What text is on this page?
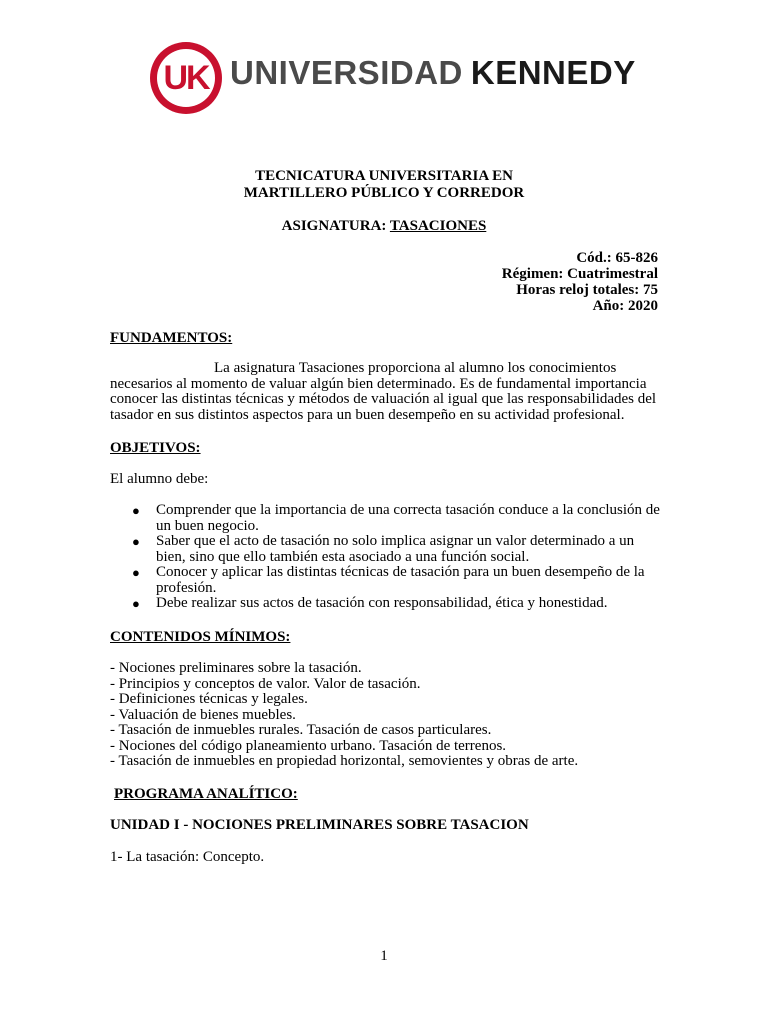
UK UNIVERSIDAD KENNEDY
TECNICATURA UNIVERSITARIA EN
MARTILLERO PÚBLICO Y CORREDOR
ASIGNATURA: TASACIONES
Cód.: 65-826
Régimen: Cuatrimestral
Horas reloj totales: 75
Año: 2020
FUNDAMENTOS:
La asignatura Tasaciones proporciona al alumno los conocimientos necesarios al momento de valuar algún bien determinado. Es de fundamental importancia conocer las distintas técnicas y métodos de valuación al igual que las responsabilidades del tasador en sus distintos aspectos para un buen desempeño en su actividad profesional.
OBJETIVOS:
El alumno debe:
● Comprender que la importancia de una correcta tasación conduce a la conclusión de un buen negocio.
● Saber que el acto de tasación no solo implica asignar un valor determinado a un bien, sino que ello también esta asociado a una función social.
● Conocer y aplicar las distintas técnicas de tasación para un buen desempeño de la profesión.
● Debe realizar sus actos de tasación con responsabilidad, ética y honestidad.
CONTENIDOS MÍNIMOS:
- Nociones preliminares sobre la tasación.
- Principios y conceptos de valor. Valor de tasación.
- Definiciones técnicas y legales.
- Valuación de bienes muebles.
- Tasación de inmuebles rurales. Tasación de casos particulares.
- Nociones del código planeamiento urbano. Tasación de terrenos.
- Tasación de inmuebles en propiedad horizontal, semovientes y obras de arte.
PROGRAMA ANALÍTICO:
UNIDAD I - NOCIONES PRELIMINARES SOBRE TASACION
1- La tasación: Concepto.
1
